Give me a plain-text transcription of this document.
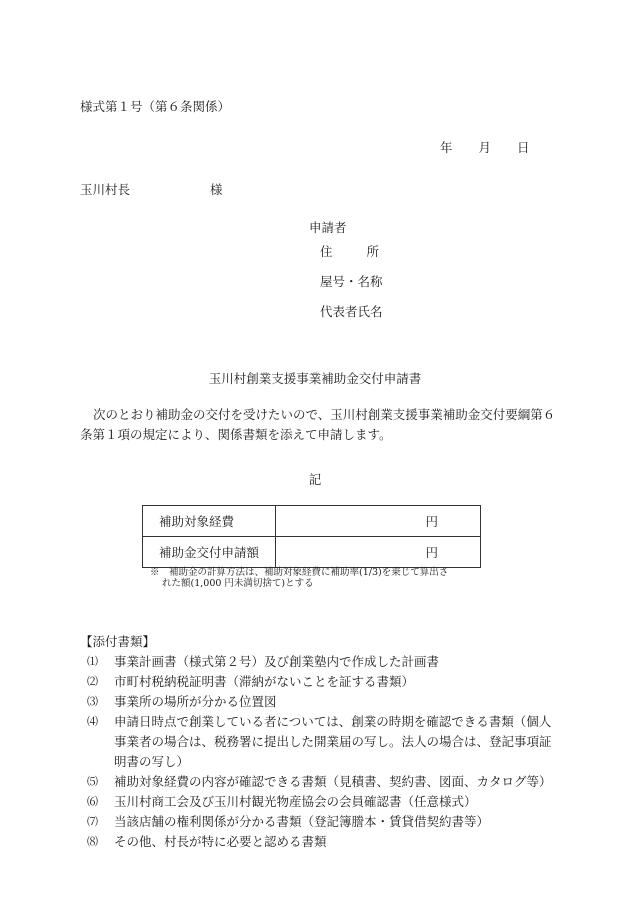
様式第１号（第６条関係）
年 月 日
玉川村長	様
申請者
住	所
屋号・名称
代表者氏名
玉川村創業支援事業補助金交付申請書
次のとおり補助金の交付を受けたいので、玉川村創業支援事業補助金交付要綱第６条第１項の規定により、関係書類を添えて申請します。
記
補助対象経費	円
補助金交付申請額	円
※　補助金の計算方法は、補助対象経費に補助率(1/3)を乗じて算出さ
れた額(1,000 円未満切捨て)とする
【添付書類】
⑴ 事業計画書（様式第２号）及び創業塾内で作成した計画書
⑵ 市町村税納税証明書（滞納がないことを証する書類）
⑶ 事業所の場所が分かる位置図
⑷ 申請日時点で創業している者については、創業の時期を確認できる書類（個人事業者の場合は、税務署に提出した開業届の写し。法人の場合は、登記事項証明書の写し）
⑸ 補助対象経費の内容が確認できる書類（見積書、契約書、図面、カタログ等）
⑹ 玉川村商工会及び玉川村観光物産協会の会員確認書（任意様式）
⑺ 当該店舗の権利関係が分かる書類（登記簿謄本・賃貸借契約書等）
⑻ その他、村長が特に必要と認める書類
